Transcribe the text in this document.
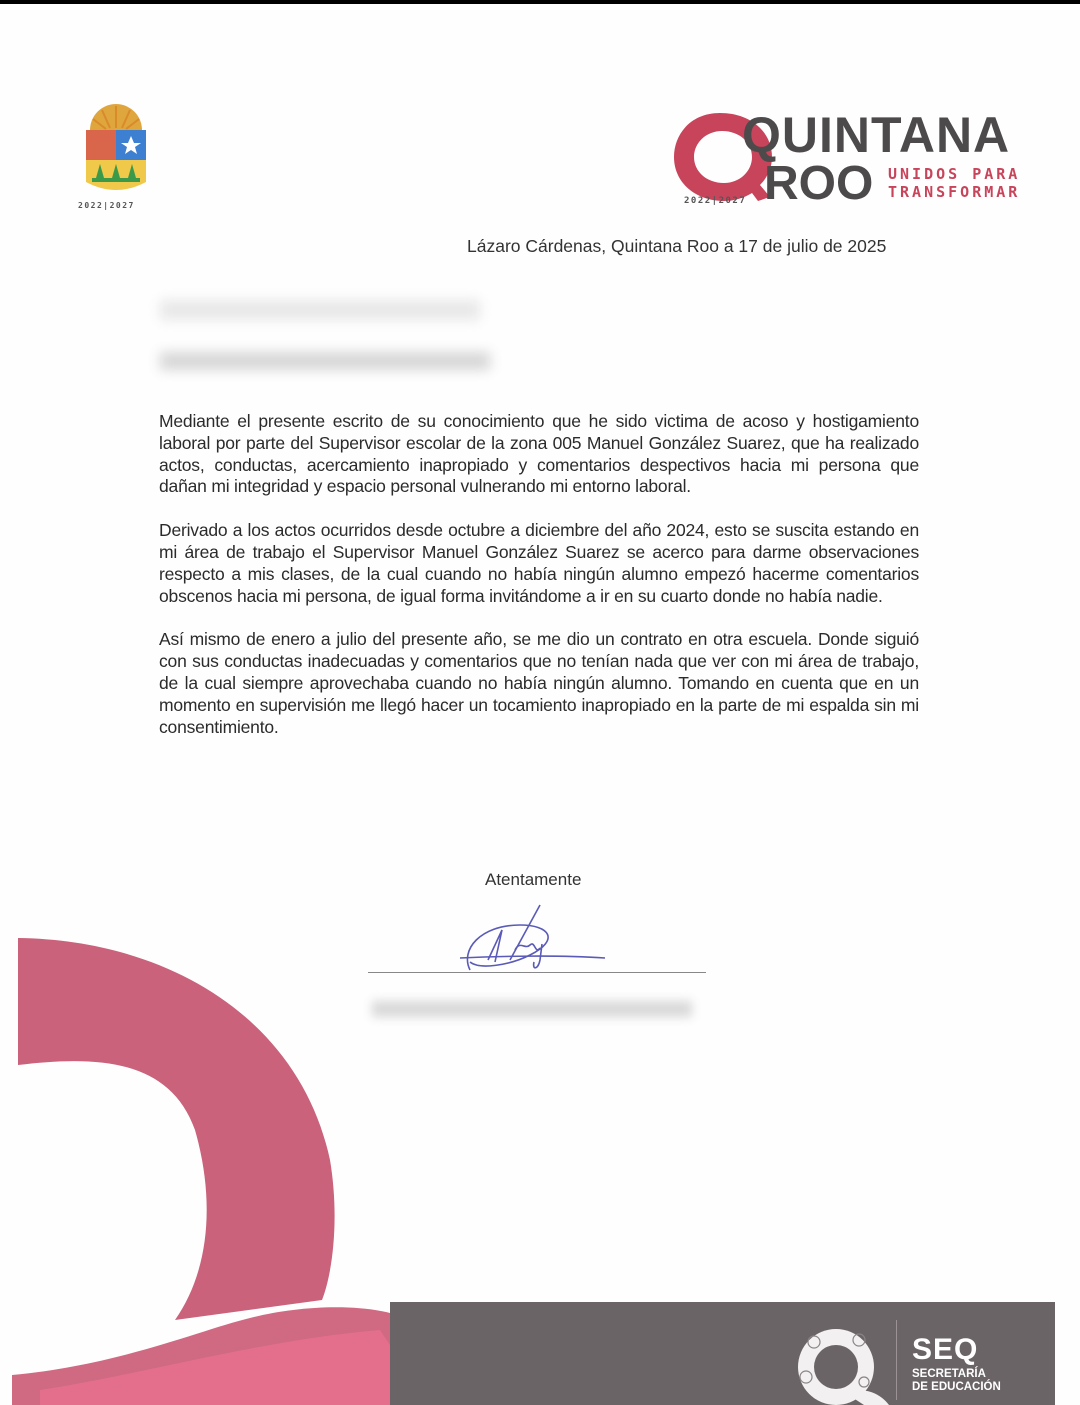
2022|2027
QUINTANA
ROO UNIDOS PARA
TRANSFORMAR
2022|2027
Lázaro Cárdenas, Quintana Roo a 17 de julio de 2025

Mediante el presente escrito de su conocimiento que he sido victima de acoso y hostigamiento laboral por parte del Supervisor escolar de la zona 005 Manuel González Suarez, que ha realizado actos, conductas, acercamiento inapropiado y comentarios despectivos hacia mi persona que dañan mi integridad y espacio personal vulnerando mi entorno laboral.

Derivado a los actos ocurridos desde octubre a diciembre del año 2024, esto se suscita estando en mi área de trabajo el Supervisor Manuel González Suarez se acerco para darme observaciones respecto a mis clases, de la cual cuando no había ningún alumno empezó hacerme comentarios obscenos hacia mi persona, de igual forma invitándome a ir en su cuarto donde no había nadie.

Así mismo de enero a julio del presente año, se me dio un contrato en otra escuela. Donde siguió con sus conductas inadecuadas y comentarios que no tenían nada que ver con mi área de trabajo, de la cual siempre aprovechaba cuando no había ningún alumno. Tomando en cuenta que en un momento en supervisión me llegó hacer un tocamiento inapropiado en la parte de mi espalda sin mi consentimiento.

Atentamente
SEQ
SECRETARÍA
DE EDUCACIÓN
